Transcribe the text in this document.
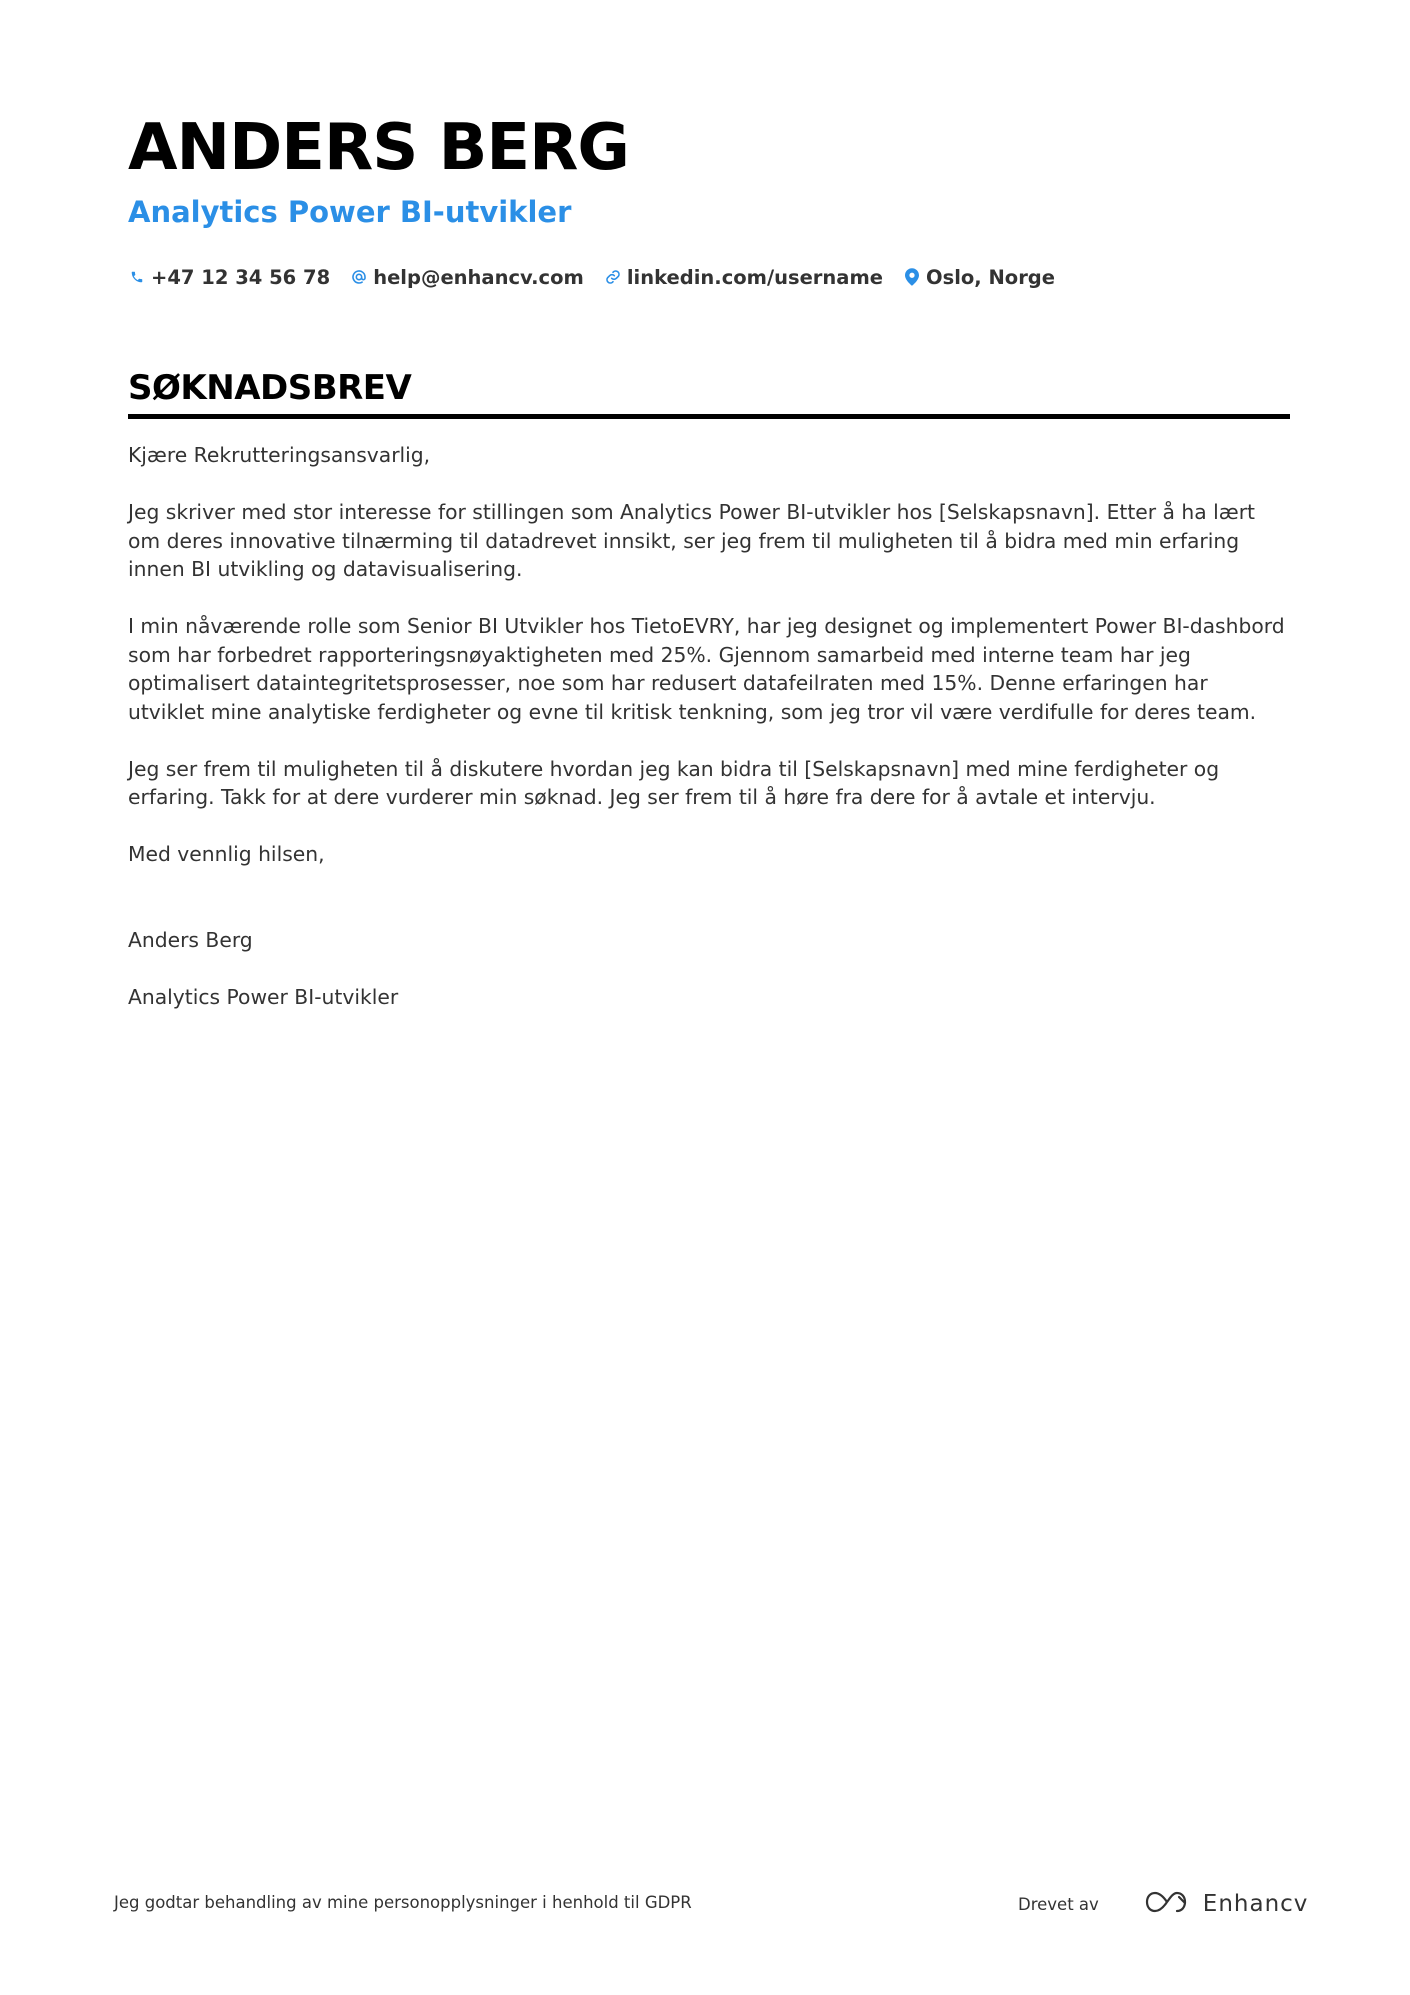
ANDERS BERG
Analytics Power BI-utvikler
+47 12 34 56 78 help@enhancv.com linkedin.com/username Oslo, Norge
SØKNADSBREV

Kjære Rekrutteringsansvarlig,

Jeg skriver med stor interesse for stillingen som Analytics Power BI-utvikler hos [Selskapsnavn]. Etter å ha lært om deres innovative tilnærming til datadrevet innsikt, ser jeg frem til muligheten til å bidra med min erfaring innen BI utvikling og datavisualisering.

I min nåværende rolle som Senior BI Utvikler hos TietoEVRY, har jeg designet og implementert Power BI-dashbord som har forbedret rapporteringsnøyaktigheten med 25%. Gjennom samarbeid med interne team har jeg optimalisert dataintegritetsprosesser, noe som har redusert datafeilraten med 15%. Denne erfaringen har utviklet mine analytiske ferdigheter og evne til kritisk tenkning, som jeg tror vil være verdifulle for deres team.

Jeg ser frem til muligheten til å diskutere hvordan jeg kan bidra til [Selskapsnavn] med mine ferdigheter og erfaring. Takk for at dere vurderer min søknad. Jeg ser frem til å høre fra dere for å avtale et intervju.

Med vennlig hilsen,

Anders Berg

Analytics Power BI-utvikler

Jeg godtar behandling av mine personopplysninger i henhold til GDPR	Drevet av	Enhancv
